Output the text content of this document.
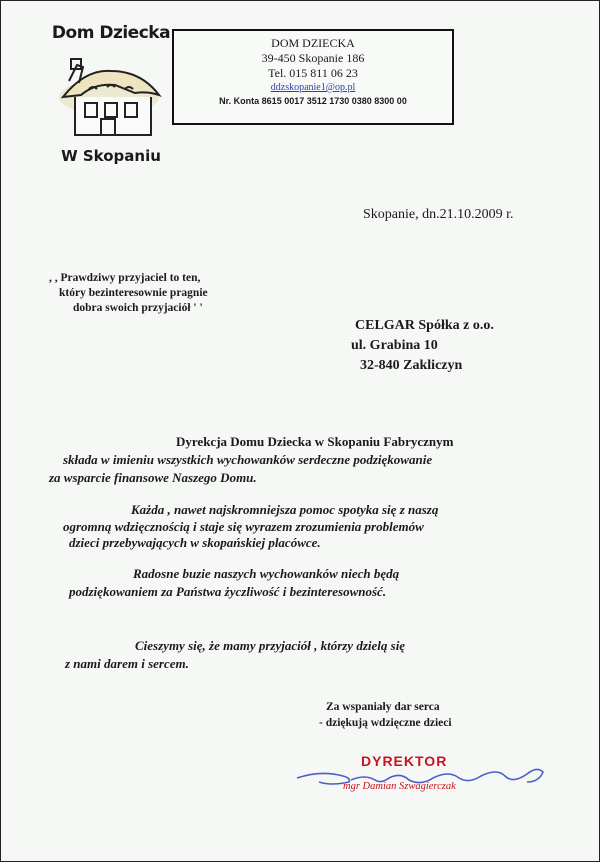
Dom Dziecka
W Skopaniu
DOM DZIECKA
39-450 Skopanie 186
Tel. 015 811 06 23
ddzskopanie1@op.pl
Nr. Konta 8615 0017 3512 1730 0380 8300 00
Skopanie, dn.21.10.2009 r.
, , Prawdziwy przyjaciel to ten,
który bezinteresownie pragnie
dobra swoich przyjaciół ' '
CELGAR Spółka z o.o.
ul. Grabina 10
32-840 Zakliczyn
Dyrekcja Domu Dziecka w Skopaniu Fabrycznym
składa w imieniu wszystkich wychowanków serdeczne podziękowanie
za wsparcie finansowe Naszego Domu.
Każda , nawet najskromniejsza pomoc spotyka się z naszą
ogromną wdzięcznością i staje się wyrazem zrozumienia problemów
dzieci przebywających w skopańskiej placówce.
Radosne buzie naszych wychowanków niech będą
podziękowaniem za Państwa życzliwość i bezinteresowność.
Cieszymy się, że mamy przyjaciół , którzy dzielą się
z nami darem i sercem.
Za wspaniały dar serca
- dziękują wdzięczne dzieci
DYREKTOR
mgr Damian Szwagierczak
